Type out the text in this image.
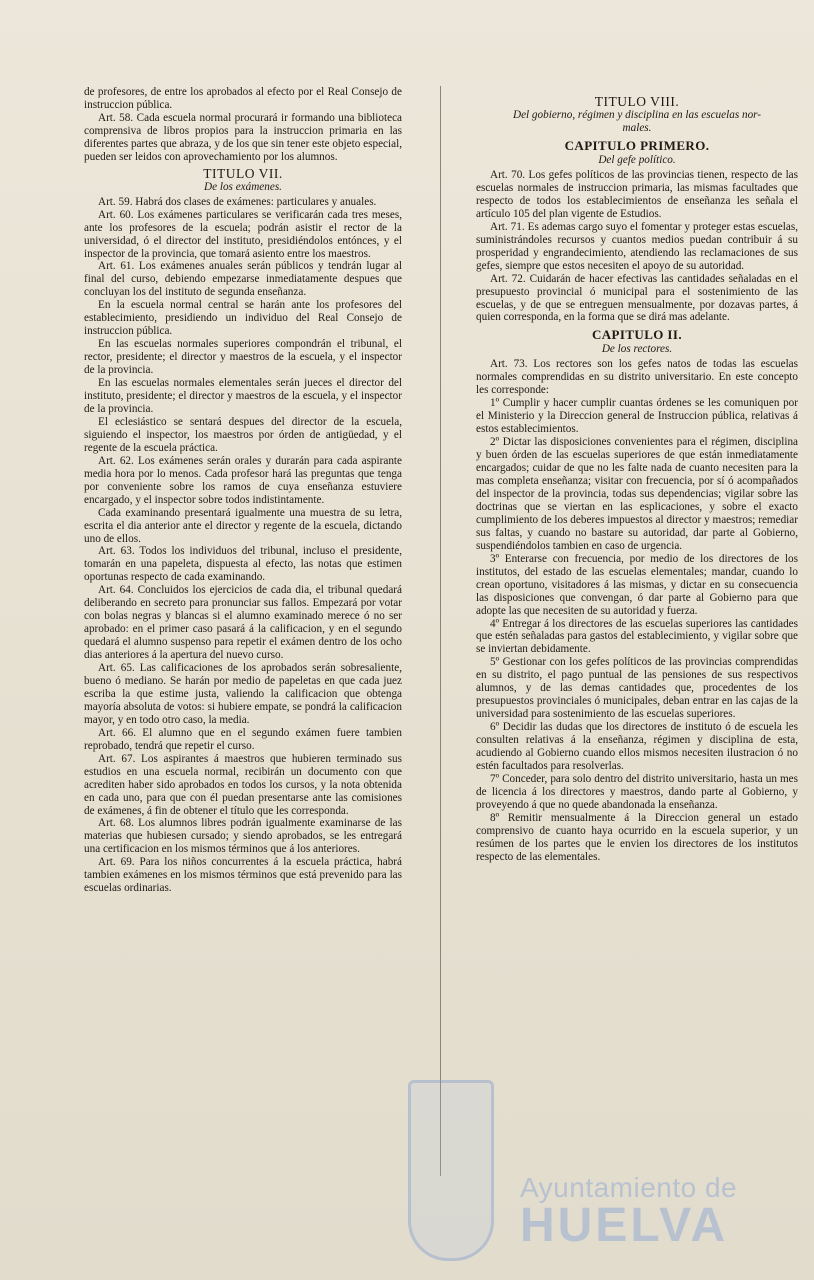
de profesores, de entre los aprobados al efecto por el Real Consejo de instruccion pública.

Art. 58. Cada escuela normal procurará ir formando una biblioteca comprensiva de libros propios para la instruccion primaria en las diferentes partes que abraza, y de los que sin tener este objeto especial, pueden ser leidos con aprovechamiento por los alumnos.

TITULO VII.
De los exámenes.

Art. 59. Habrá dos clases de exámenes: particulares y anuales.

Art. 60. Los exámenes particulares se verificarán cada tres meses, ante los profesores de la escuela; podrán asistir el rector de la universidad, ó el director del instituto, presidiéndolos entónces, y el inspector de la provincia, que tomará asiento entre los maestros.

Art. 61. Los exámenes anuales serán públicos y tendrán lugar al final del curso, debiendo empezarse inmediatamente despues que concluyan los del instituto de segunda enseñanza.

En la escuela normal central se harán ante los profesores del establecimiento, presidiendo un individuo del Real Consejo de instruccion pública.

En las escuelas normales superiores compondrán el tribunal, el rector, presidente; el director y maestros de la escuela, y el inspector de la provincia.

En las escuelas normales elementales serán jueces el director del instituto, presidente; el director y maestros de la escuela, y el inspector de la provincia.

El eclesiástico se sentará despues del director de la escuela, siguiendo el inspector, los maestros por órden de antigüedad, y el regente de la escuela práctica.

Art. 62. Los exámenes serán orales y durarán para cada aspirante media hora por lo menos. Cada profesor hará las preguntas que tenga por conveniente sobre los ramos de cuya enseñanza estuviere encargado, y el inspector sobre todos indistintamente.

Cada examinando presentará igualmente una muestra de su letra, escrita el dia anterior ante el director y regente de la escuela, dictando uno de ellos.

Art. 63. Todos los individuos del tribunal, incluso el presidente, tomarán en una papeleta, dispuesta al efecto, las notas que estimen oportunas respecto de cada examinando.

Art. 64. Concluidos los ejercicios de cada dia, el tribunal quedará deliberando en secreto para pronunciar sus fallos. Empezará por votar con bolas negras y blancas si el alumno examinado merece ó no ser aprobado: en el primer caso pasará á la calificacion, y en el segundo quedará el alumno suspenso para repetir el exámen dentro de los ocho dias anteriores á la apertura del nuevo curso.

Art. 65. Las calificaciones de los aprobados serán sobresaliente, bueno ó mediano. Se harán por medio de papeletas en que cada juez escriba la que estime justa, valiendo la calificacion que obtenga mayoría absoluta de votos: si hubiere empate, se pondrá la calificacion mayor, y en todo otro caso, la media.

Art. 66. El alumno que en el segundo exámen fuere tambien reprobado, tendrá que repetir el curso.

Art. 67. Los aspirantes á maestros que hubieren terminado sus estudios en una escuela normal, recibirán un documento con que acrediten haber sido aprobados en todos los cursos, y la nota obtenida en cada uno, para que con él puedan presentarse ante las comisiones de exámenes, á fin de obtener el título que les corresponda.

Art. 68. Los alumnos libres podrán igualmente examinarse de las materias que hubiesen cursado; y siendo aprobados, se les entregará una certificacion en los mismos términos que á los anteriores.

Art. 69. Para los niños concurrentes á la escuela práctica, habrá tambien exámenes en los mismos términos que está prevenido para las escuelas ordinarias.

TITULO VIII.
Del gobierno, régimen y disciplina en las escuelas nor-
males.
CAPITULO PRIMERO.
Del gefe político.

Art. 70. Los gefes políticos de las provincias tienen, respecto de las escuelas normales de instruccion primaria, las mismas facultades que respecto de todos los establecimientos de enseñanza les señala el artículo 105 del plan vigente de Estudios.

Art. 71. Es ademas cargo suyo el fomentar y proteger estas escuelas, suministrándoles recursos y cuantos medios puedan contribuir á su prosperidad y engrandecimiento, atendiendo las reclamaciones de sus gefes, siempre que estos necesiten el apoyo de su autoridad.

Art. 72. Cuidarán de hacer efectivas las cantidades señaladas en el presupuesto provincial ó municipal para el sostenimiento de las escuelas, y de que se entreguen mensualmente, por dozavas partes, á quien corresponda, en la forma que se dirá mas adelante.

CAPITULO II.
De los rectores.

Art. 73. Los rectores son los gefes natos de todas las escuelas normales comprendidas en su distrito universitario. En este concepto les corresponde:

1º Cumplir y hacer cumplir cuantas órdenes se les comuniquen por el Ministerio y la Direccion general de Instruccion pública, relativas á estos establecimientos.

2º Dictar las disposiciones convenientes para el régimen, disciplina y buen órden de las escuelas superiores de que están inmediatamente encargados; cuidar de que no les falte nada de cuanto necesiten para la mas completa enseñanza; visitar con frecuencia, por sí ó acompañados del inspector de la provincia, todas sus dependencias; vigilar sobre las doctrinas que se viertan en las esplicaciones, y sobre el exacto cumplimiento de los deberes impuestos al director y maestros; remediar sus faltas, y cuando no bastare su autoridad, dar parte al Gobierno, suspendiéndolos tambien en caso de urgencia.

3º Enterarse con frecuencia, por medio de los directores de los institutos, del estado de las escuelas elementales; mandar, cuando lo crean oportuno, visitadores á las mismas, y dictar en su consecuencia las disposiciones que convengan, ó dar parte al Gobierno para que adopte las que necesiten de su autoridad y fuerza.

4º Entregar á los directores de las escuelas superiores las cantidades que estén señaladas para gastos del establecimiento, y vigilar sobre que se inviertan debidamente.

5º Gestionar con los gefes políticos de las provincias comprendidas en su distrito, el pago puntual de las pensiones de sus respectivos alumnos, y de las demas cantidades que, procedentes de los presupuestos provinciales ó municipales, deban entrar en las cajas de la universidad para sostenimiento de las escuelas superiores.

6º Decidir las dudas que los directores de instituto ó de escuela les consulten relativas á la enseñanza, régimen y disciplina de esta, acudiendo al Gobierno cuando ellos mismos necesiten ilustracion ó no estén facultados para resolverlas.

7º Conceder, para solo dentro del distrito universitario, hasta un mes de licencia á los directores y maestros, dando parte al Gobierno, y proveyendo á que no quede abandonada la enseñanza.

8º Remitir mensualmente á la Direccion general un estado comprensivo de cuanto haya ocurrido en la escuela superior, y un resúmen de los partes que le envien los directores de los institutos respecto de las elementales.

Ayuntamiento de
HUELVA
